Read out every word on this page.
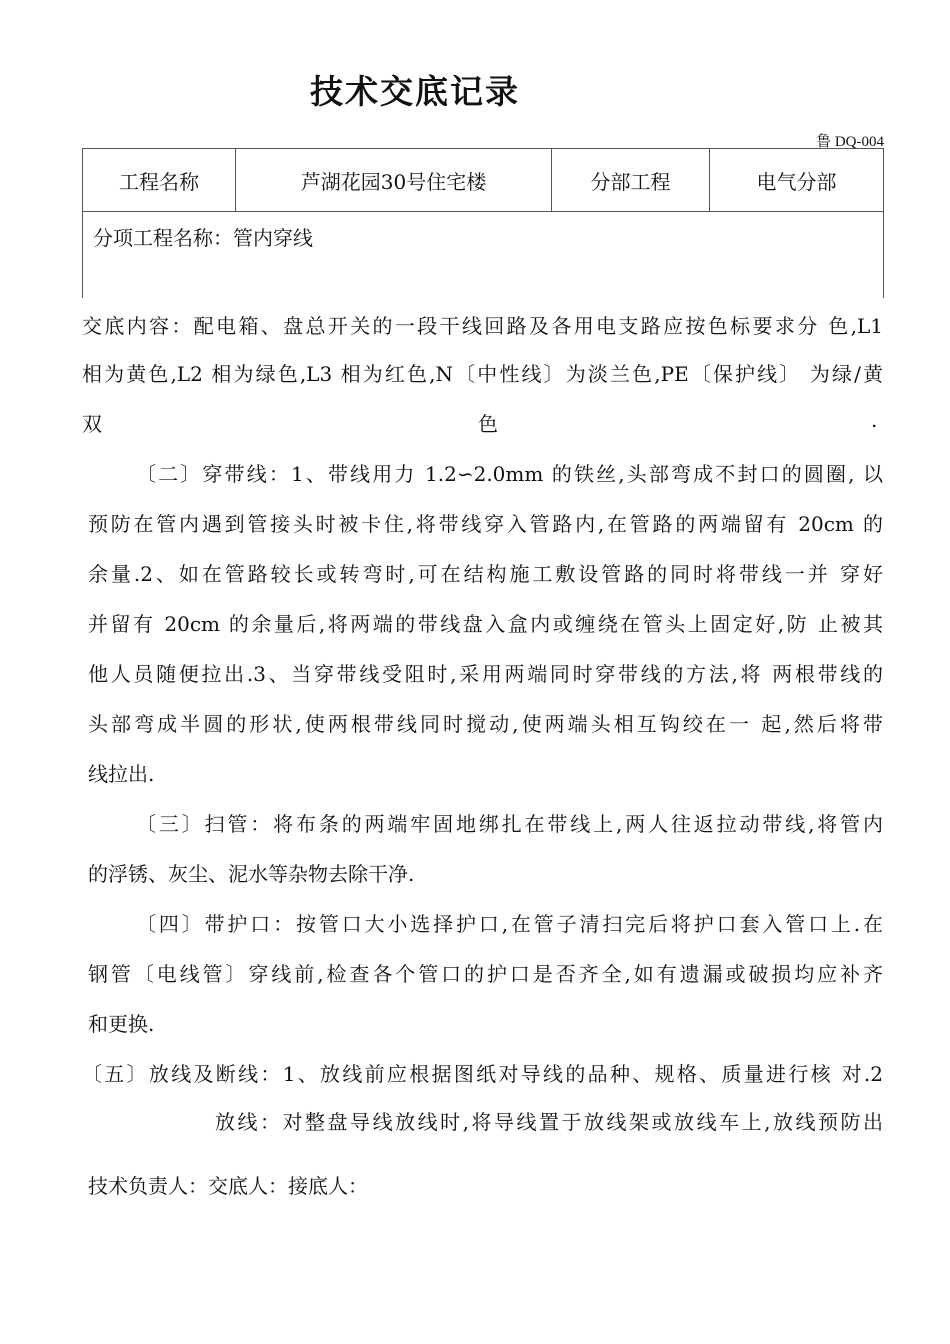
技术交底记录
鲁 DQ-004
工程名称	芦湖花园30号住宅楼	分部工程	电气分部
分项工程名称：管内穿线
交底内容：配电箱、盘总开关的一段干线回路及各用电支路应按色标要求分 色,L1
相为黄色,L2 相为绿色,L3 相为红色,N〔中性线〕为淡兰色,PE〔保护线〕 为绿/黄
双	色	.
〔二〕穿带线：1、带线用力 1.2∽2.0mm 的铁丝,头部弯成不封口的圆圈, 以
预防在管内遇到管接头时被卡住,将带线穿入管路内,在管路的两端留有 20cm 的
余量.2、如在管路较长或转弯时,可在结构施工敷设管路的同时将带线一并 穿好
并留有 20cm 的余量后,将两端的带线盘入盒内或缠绕在管头上固定好,防 止被其
他人员随便拉出.3、当穿带线受阻时,采用两端同时穿带线的方法,将 两根带线的
头部弯成半圆的形状,使两根带线同时搅动,使两端头相互钩绞在一 起,然后将带
线拉出.
〔三〕扫管：将布条的两端牢固地绑扎在带线上,两人往返拉动带线,将管内
的浮锈、灰尘、泥水等杂物去除干净.
〔四〕带护口：按管口大小选择护口,在管子清扫完后将护口套入管口上.在
钢管〔电线管〕穿线前,检查各个管口的护口是否齐全,如有遗漏或破损均应补齐
和更换.
〔五〕放线及断线：1、放线前应根据图纸对导线的品种、规格、质量进行核 对.2
放线：对整盘导线放线时,将导线置于放线架或放线车上,放线预防出
技术负责人：交底人：接底人：
